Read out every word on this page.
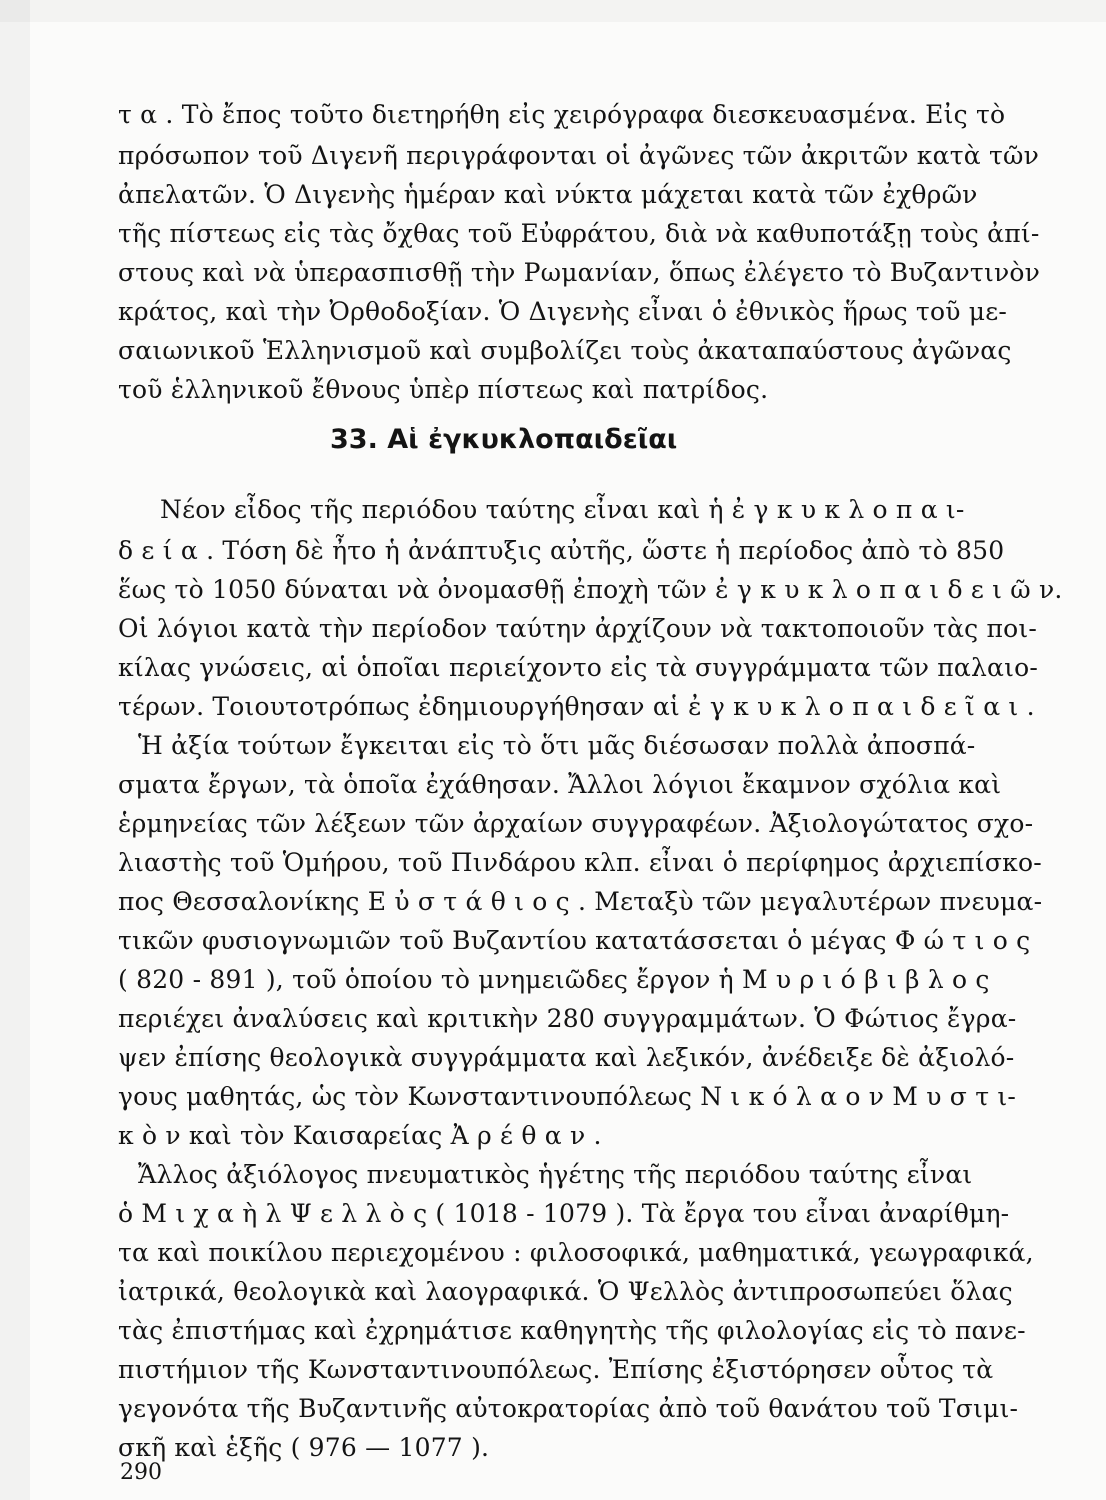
τ α . Τὸ ἔπος τοῦτο διετηρήθη εἰς χειρόγραφα διεσκευασμένα. Εἰς τὸ
πρόσωπον τοῦ Διγενῆ περιγράφονται οἱ ἀγῶνες τῶν ἀκριτῶν κατὰ τῶν
ἀπελατῶν. Ὁ Διγενὴς ἡμέραν καὶ νύκτα μάχεται κατὰ τῶν ἐχθρῶν
τῆς πίστεως εἰς τὰς ὄχθας τοῦ Εὐφράτου, διὰ νὰ καθυποτάξῃ τοὺς ἀπί-
στους καὶ νὰ ὑπερασπισθῇ τὴν Ρωμανίαν, ὅπως ἐλέγετο τὸ Βυζαντινὸν
κράτος, καὶ τὴν Ὀρθοδοξίαν. Ὁ Διγενὴς εἶναι ὁ ἐθνικὸς ἥρως τοῦ με-
σαιωνικοῦ Ἑλληνισμοῦ καὶ συμβολίζει τοὺς ἀκαταπαύστους ἀγῶνας
τοῦ ἑλληνικοῦ ἔθνους ὑπὲρ πίστεως καὶ πατρίδος.
33. Αἱ ἐγκυκλοπαιδεῖαι
Νέον εἶδος τῆς περιόδου ταύτης εἶναι καὶ ἡ ἐ γ κ υ κ λ ο π α ι-
δ ε ί α . Τόση δὲ ἦτο ἡ ἀνάπτυξις αὐτῆς, ὥστε ἡ περίοδος ἀπὸ τὸ 850
ἕως τὸ 1050 δύναται νὰ ὀνομασθῇ ἐποχὴ τῶν ἐ γ κ υ κ λ ο π α ι δ ε ι ῶ ν.
Οἱ λόγιοι κατὰ τὴν περίοδον ταύτην ἀρχίζουν νὰ τακτοποιοῦν τὰς ποι-
κίλας γνώσεις, αἱ ὁποῖαι περιείχοντο εἰς τὰ συγγράμματα τῶν παλαιο-
τέρων. Τοιουτοτρόπως ἐδημιουργήθησαν αἱ ἐ γ κ υ κ λ ο π α ι δ ε ῖ α ι .
Ἡ ἀξία τούτων ἔγκειται εἰς τὸ ὅτι μᾶς διέσωσαν πολλὰ ἀποσπά-
σματα ἔργων, τὰ ὁποῖα ἐχάθησαν. Ἄλλοι λόγιοι ἔκαμνον σχόλια καὶ
ἑρμηνείας τῶν λέξεων τῶν ἀρχαίων συγγραφέων. Ἀξιολογώτατος σχο-
λιαστὴς τοῦ Ὁμήρου, τοῦ Πινδάρου κλπ. εἶναι ὁ περίφημος ἀρχιεπίσκο-
πος Θεσσαλονίκης Ε ὐ σ τ ά θ ι ο ς . Μεταξὺ τῶν μεγαλυτέρων πνευμα-
τικῶν φυσιογνωμιῶν τοῦ Βυζαντίου κατατάσσεται ὁ μέγας Φ ώ τ ι ο ς
( 820 - 891 ), τοῦ ὁποίου τὸ μνημειῶδες ἔργον ἡ Μ υ ρ ι ό β ι β λ ο ς
περιέχει ἀναλύσεις καὶ κριτικὴν 280 συγγραμμάτων. Ὁ Φώτιος ἔγρα-
ψεν ἐπίσης θεολογικὰ συγγράμματα καὶ λεξικόν, ἀνέδειξε δὲ ἀξιολό-
γους μαθητάς, ὡς τὸν Κωνσταντινουπόλεως Ν ι κ ό λ α ο ν Μ υ σ τ ι-
κ ὸ ν καὶ τὸν Καισαρείας Ἀ ρ έ θ α ν .
Ἄλλος ἀξιόλογος πνευματικὸς ἡγέτης τῆς περιόδου ταύτης εἶναι
ὁ Μ ι χ α ὴ λ Ψ ε λ λ ὸ ς ( 1018 - 1079 ). Τὰ ἔργα του εἶναι ἀναρίθμη-
τα καὶ ποικίλου περιεχομένου : φιλοσοφικά, μαθηματικά, γεωγραφικά,
ἰατρικά, θεολογικὰ καὶ λαογραφικά. Ὁ Ψελλὸς ἀντιπροσωπεύει ὅλας
τὰς ἐπιστήμας καὶ ἐχρημάτισε καθηγητὴς τῆς φιλολογίας εἰς τὸ πανε-
πιστήμιον τῆς Κωνσταντινουπόλεως. Ἐπίσης ἐξιστόρησεν οὗτος τὰ
γεγονότα τῆς Βυζαντινῆς αὐτοκρατορίας ἀπὸ τοῦ θανάτου τοῦ Τσιμι-
σκῆ καὶ ἑξῆς ( 976 — 1077 ).
290
